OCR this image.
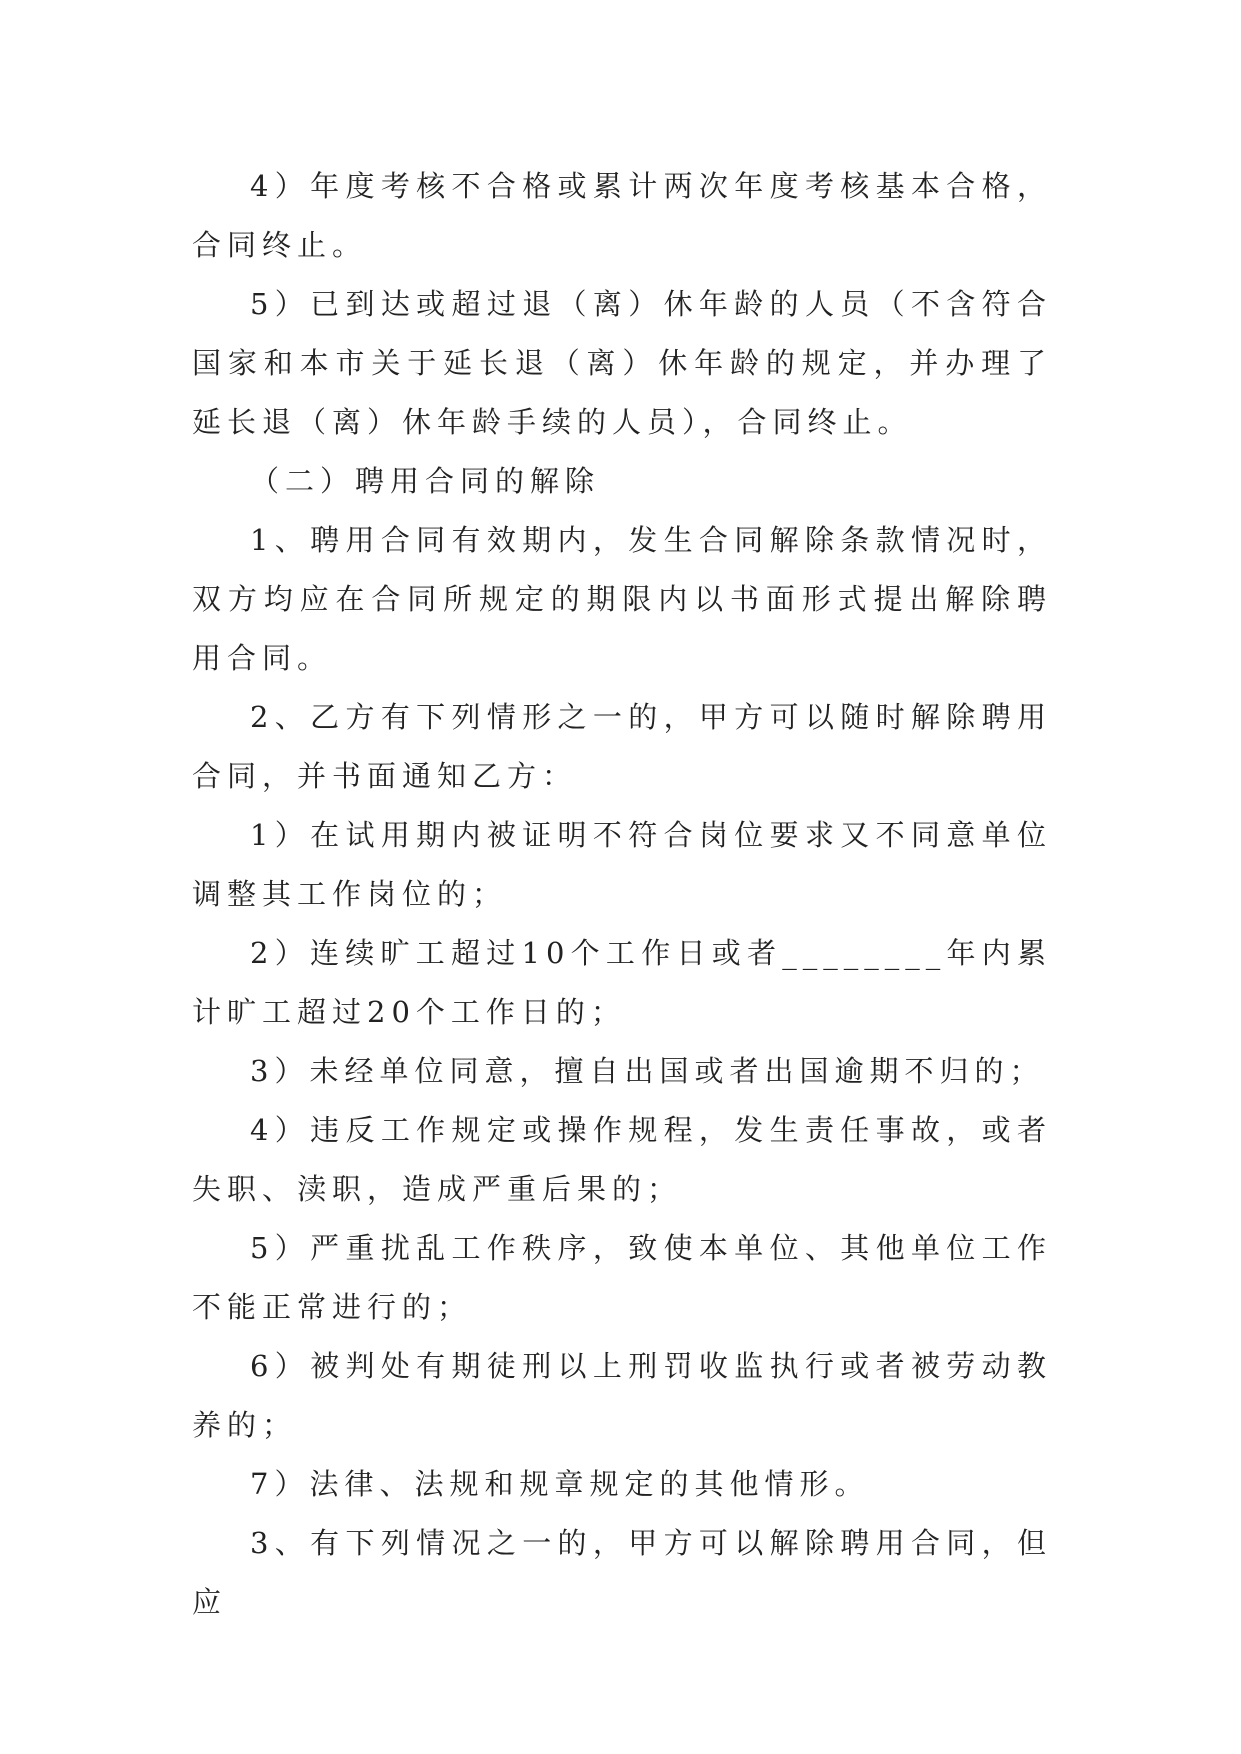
4）年度考核不合格或累计两次年度考核基本合格，合同终止。

5）已到达或超过退（离）休年龄的人员（不含符合国家和本市关于延长退（离）休年龄的规定，并办理了延长退（离）休年龄手续的人员），合同终止。

（二）聘用合同的解除

1、聘用合同有效期内，发生合同解除条款情况时，双方均应在合同所规定的期限内以书面形式提出解除聘用合同。

2、乙方有下列情形之一的，甲方可以随时解除聘用合同，并书面通知乙方：

1）在试用期内被证明不符合岗位要求又不同意单位调整其工作岗位的；

2）连续旷工超过10个工作日或者________年内累计旷工超过20个工作日的；

3）未经单位同意，擅自出国或者出国逾期不归的；

4）违反工作规定或操作规程，发生责任事故，或者失职、渎职，造成严重后果的；

5）严重扰乱工作秩序，致使本单位、其他单位工作不能正常进行的；

6）被判处有期徒刑以上刑罚收监执行或者被劳动教养的；

7）法律、法规和规章规定的其他情形。

3、有下列情况之一的，甲方可以解除聘用合同，但应
